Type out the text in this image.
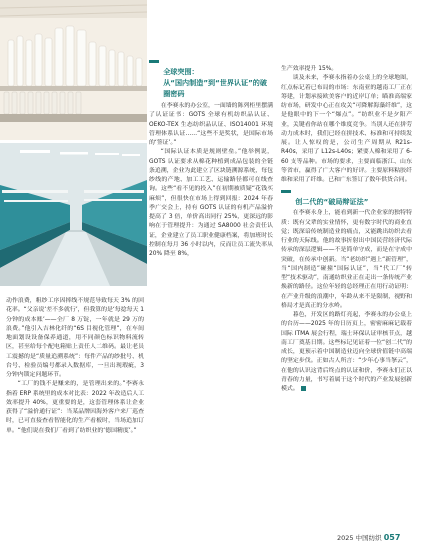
动作浪费，粗纱工序因摔线不规范导致每天 3% 的回花率。“父亲说‘差不多就行’，但我算的是‘每捻每天 1 分钟的成本账’——全厂 8 万锭，一年就是 29 万的浪费。”他引入吉林化纤的“6S 目视化管理”，在车间地面划设设备保养通道，用不同颜色标识物料流转区，甚至给每个配电箱贴上责任人二维码。最让老员工震撼的是“质量追溯系统”：每件产品的纱批号、机台号、检验员编号都录入数据库，一旦出现瑕疵，3 分钟内锁定问题环节。

“工厂的钱不是赚来的，是管理出来的。”李赛永指着 ERP 系统里的成本对比表：2022 年改造后人工效率提升 40%，更重要的是，这套管理体系让企业获得了“溢价通行证”：当某品牌因海外客户来厂巡查时，已可直接查看智能化的生产看板时，当场追加订单。“他们说在我们厂看到了纺织业的‘德国精度’。”

全球突围：

从“国内制造”到“世界认证”的破

圈密码

在李赛永的办公室，一面墙的陈列柜里摆满了认证证书：GOTS 全球有机纺织品认证、OEKO-TEX 生态纺织品认证、ISO14001 环境管理体系认证……“这些不是奖状，是国际市场的‘签证’。”

“国际认证本质是规则壁垒。”他举例说，GOTS 认证要求从棉花种植到成品包装的全链条追溯，企业为此建立了区块链溯源系统，每包纱线的产地、加工工艺、运输路径都可在线查询。这些“看不见的投入”在初期被质疑“花钱买麻烦”，但很快在市场上得到回报：2024 年春季广交会上，持有 GOTS 认证的有机产品溢价提高了 3 倍，单价高出同行 25%，更深远的影响在于管理提升：为通过 SA8000 社会责任认证，企业建立了员工职业健康档案，将加班时长控制在每月 36 小时以内，反而让员工流失率从 20% 降至 8%，

生产效率提升 15%。

谈及未来，李赛永指着办公桌上的全球地图，红点标记着已布局的市场：东南亚的越南工厂正在筹建，计划承接欧美客户的近岸订单；瞄准高端家纺市场，研发中心正在攻关“可降解海藻纤维”，这是他眼中的下一个“爆点”。“纺织业不是夕阳产业，关键看你站在哪个维度竞争。当别人还在拼劳动力成本时，我们已经在拼技术、标准和可持续发展。让人惊叹的是，公司生产周期从 R21s-R40s，采用了 L12s-L40s；紧要人棉和采用了 6-60 支等品种。市场的要求，主要面临浙江、山东等省市，赢得了广大客户的好评。主要原料粘胶纤维和采用了纤维。已和广东签订了数年供货合同。

创二代的“破局辩证法”

在李赛永身上，能看到新一代企业家的独特特质：既有父辈的实业情怀，更有数字时代的商业直觉；既深谙传统制造业的痛点，又能跳出纺织去看行业的天际线。他的故事折射出中国民营经济代际传承的深层逻辑——不是简单守成，而是在守成中突破，在传承中创新。当“老纺织”遇上“新管理”，当“国内制造”碰撞“国际认证”，当“代工厂”转型“技术驱动”，南通纺织业正在走出一条传统产业焕新的路径。这位年轻的总经理正在用行动证明：在产业升级的浪潮中，年龄从来不是限制，视野和格局才是真正的分水岭。

暮色，开发区的路灯亮起，李赛永的办公桌上的台历——2025 年的日历页上，密密麻麻记载着国际 ITMA 展会行程，瑞士环保认证审核节点，越南工厂奠基日期。这些标记见证着一位“创二代”的成长，更预示着中国制造业迈向全球价值链中高端的坚定步伐。正如古人所言：“少年心事当拏云”，在他的认识这背后终点的认证和价，李赛永们正以青春的力量，书写着属于这个时代的产业发展创新模式。

2025 中国纺织 057
